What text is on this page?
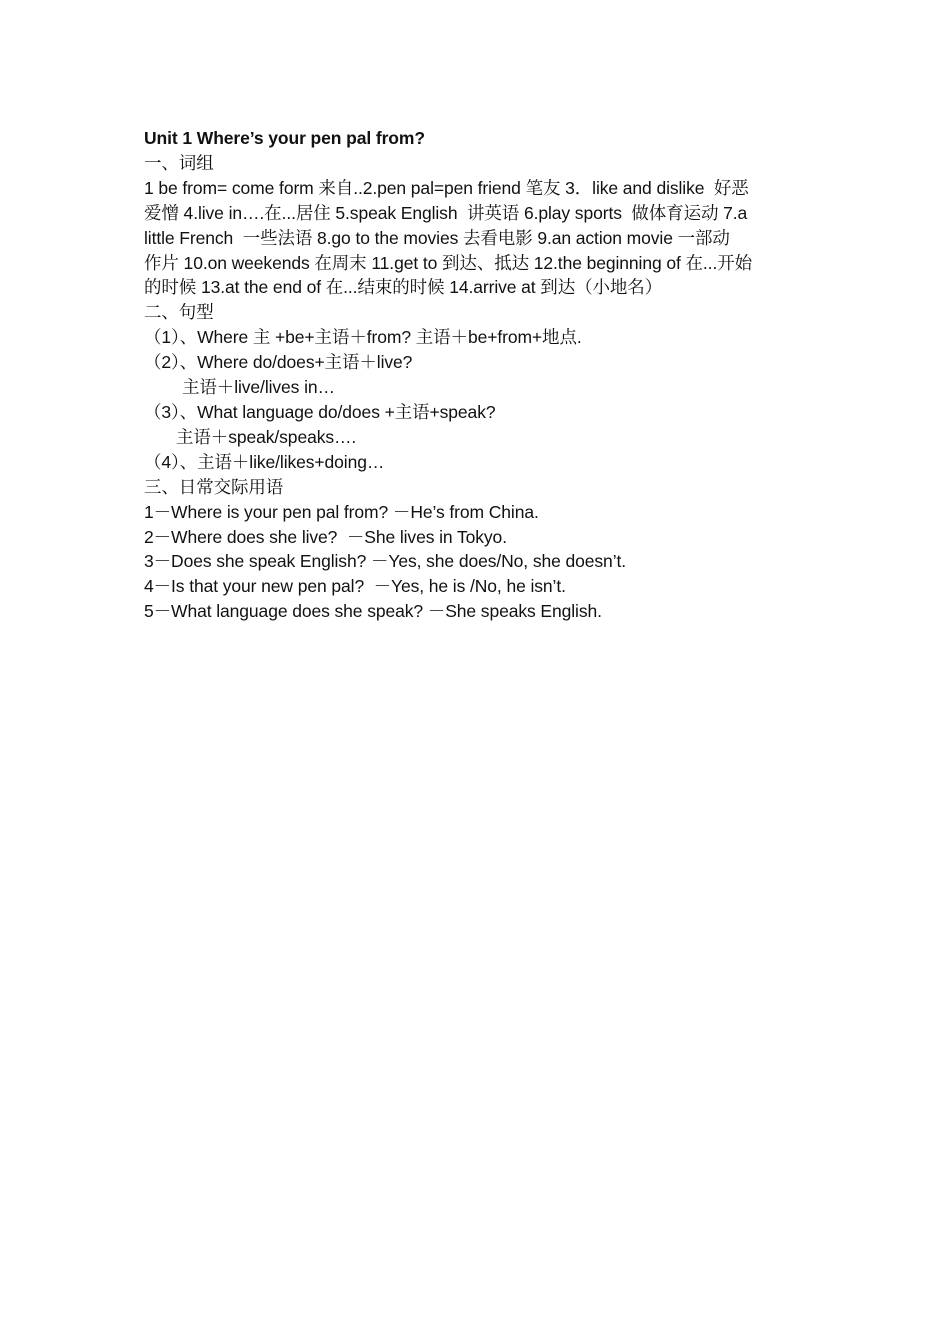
Unit 1 Where’s your pen pal from?

一、词组

1 be from= come form 来自..2.pen pal=pen friend 笔友 3．like and dislike  好恶

爱憎 4.live in….在...居住 5.speak English  讲英语 6.play sports  做体育运动 7.a

little French  一些法语 8.go to the movies 去看电影 9.an action movie 一部动

作片 10.on weekends 在周末 11.get to 到达、抵达 12.the beginning of 在...开始

的时候 13.at the end of 在...结束的时候 14.arrive at 到达（小地名）

二、句型

（1）、Where 主 +be+主语＋from? 主语＋be+from+地点.

（2）、Where do/does+主语＋live?

主语＋live/lives in…

（3）、What language do/does +主语+speak?

主语＋speak/speaks….

（4）、主语＋like/likes+doing…

三、日常交际用语

1－Where is your pen pal from? －He’s from China.

2－Where does she live?  －She lives in Tokyo.

3－Does she speak English? －Yes, she does/No, she doesn’t.

4－Is that your new pen pal?  －Yes, he is /No, he isn’t.

5－What language does she speak? －She speaks English.
